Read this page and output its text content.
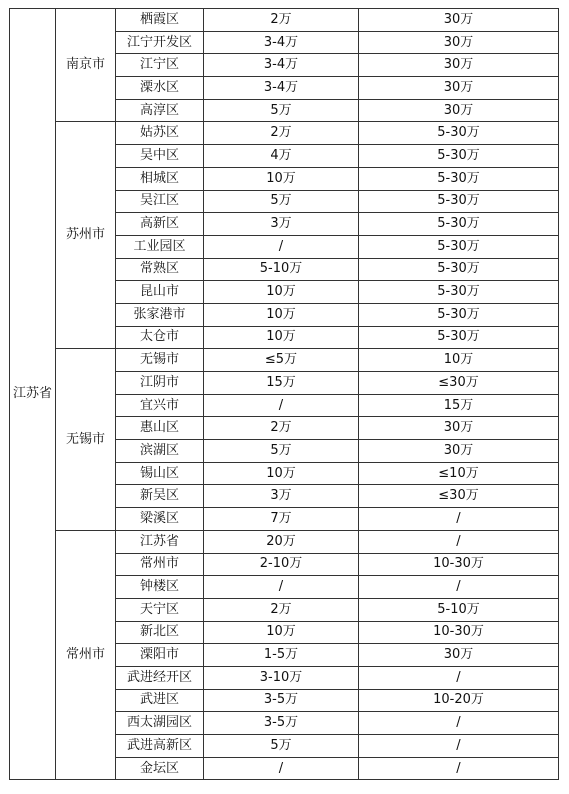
江苏省	南京市	栖霞区	2万	30万
		江宁开发区	3-4万	30万
		江宁区	3-4万	30万
		溧水区	3-4万	30万
		高淳区	5万	30万
	苏州市	姑苏区	2万	5-30万
		吴中区	4万	5-30万
		相城区	10万	5-30万
		吴江区	5万	5-30万
		高新区	3万	5-30万
		工业园区	/	5-30万
		常熟区	5-10万	5-30万
		昆山市	10万	5-30万
		张家港市	10万	5-30万
		太仓市	10万	5-30万
	无锡市	无锡市	≤5万	10万
		江阴市	15万	≤30万
		宜兴市	/	15万
		惠山区	2万	30万
		滨湖区	5万	30万
		锡山区	10万	≤10万
		新吴区	3万	≤30万
		梁溪区	7万	/
	常州市	江苏省	20万	/
		常州市	2-10万	10-30万
		钟楼区	/	/
		天宁区	2万	5-10万
		新北区	10万	10-30万
		溧阳市	1-5万	30万
		武进经开区	3-10万	/
		武进区	3-5万	10-20万
		西太湖园区	3-5万	/
		武进高新区	5万	/
		金坛区	/	/
